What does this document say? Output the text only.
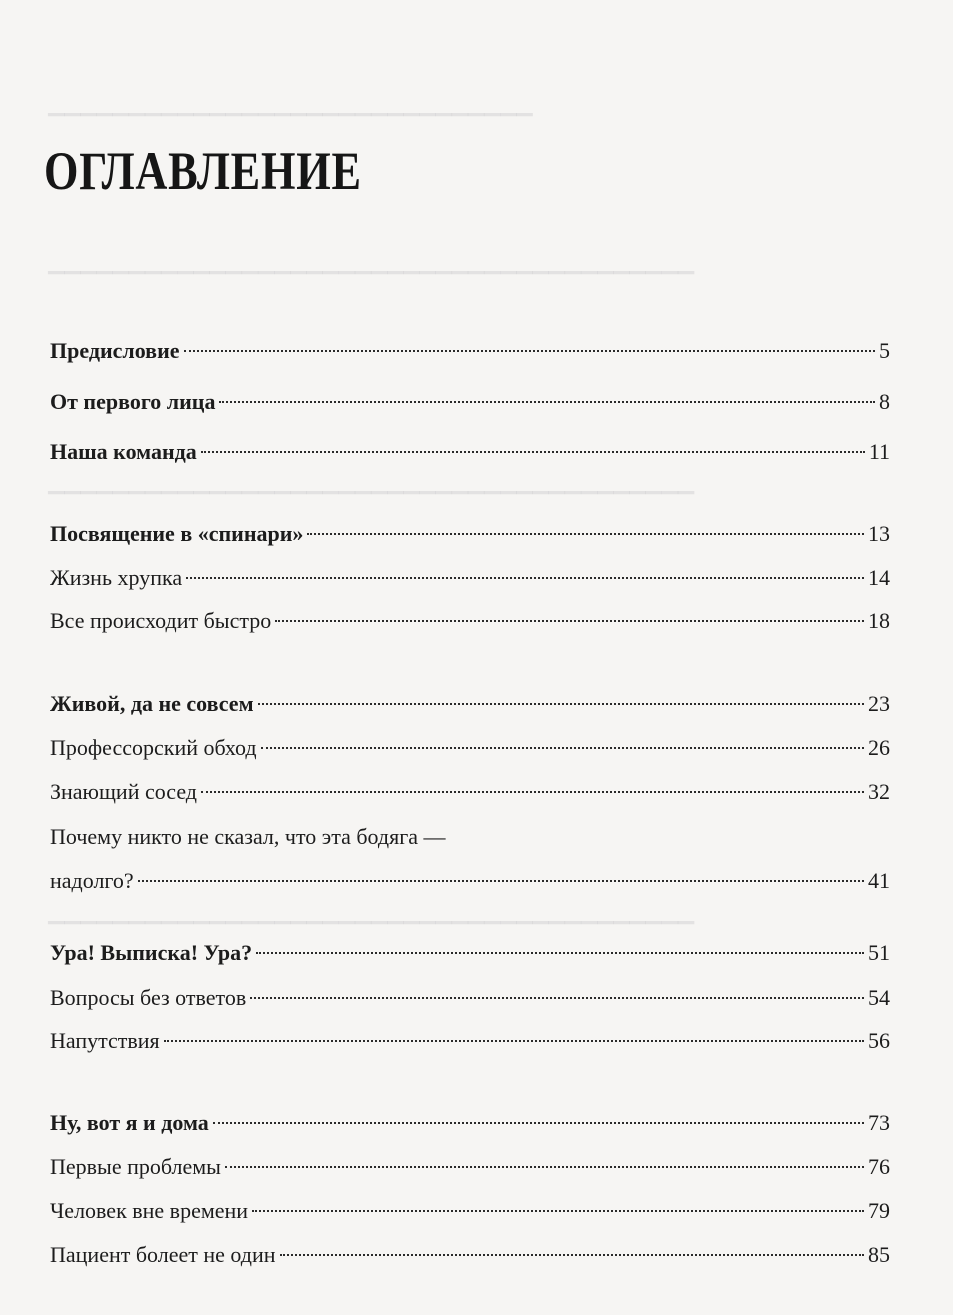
▁▁▁▁▁▁▁▁▁▁▁▁▁▁▁▁▁▁▁▁▁▁▁▁▁▁▁▁▁▁
▁▁▁▁▁▁▁▁▁▁▁▁▁▁▁▁▁▁▁▁▁▁▁▁▁▁▁▁▁▁▁▁▁▁▁▁▁▁▁▁
▁▁▁▁▁▁▁▁▁▁▁▁▁▁▁▁▁▁▁▁▁▁▁▁▁▁▁▁▁▁▁▁▁▁▁▁▁▁▁▁
▁▁▁▁▁▁▁▁▁▁▁▁▁▁▁▁▁▁▁▁▁▁▁▁▁▁▁▁▁▁▁▁▁▁▁▁▁▁▁▁
ОГЛАВЛЕНИЕ
Предисловие	5
От первого лица	8
Наша команда	11
Посвящение в «спинари»	13
Жизнь хрупка	14
Все происходит быстро	18
Живой, да не совсем	23
Профессорский обход	26
Знающий сосед	32
Почему никто не сказал, что эта бодяга —
надолго?	41
Ура! Выписка! Ура?	51
Вопросы без ответов	54
Напутствия	56
Ну, вот я и дома	73
Первые проблемы	76
Человек вне времени	79
Пациент болеет не один	85
